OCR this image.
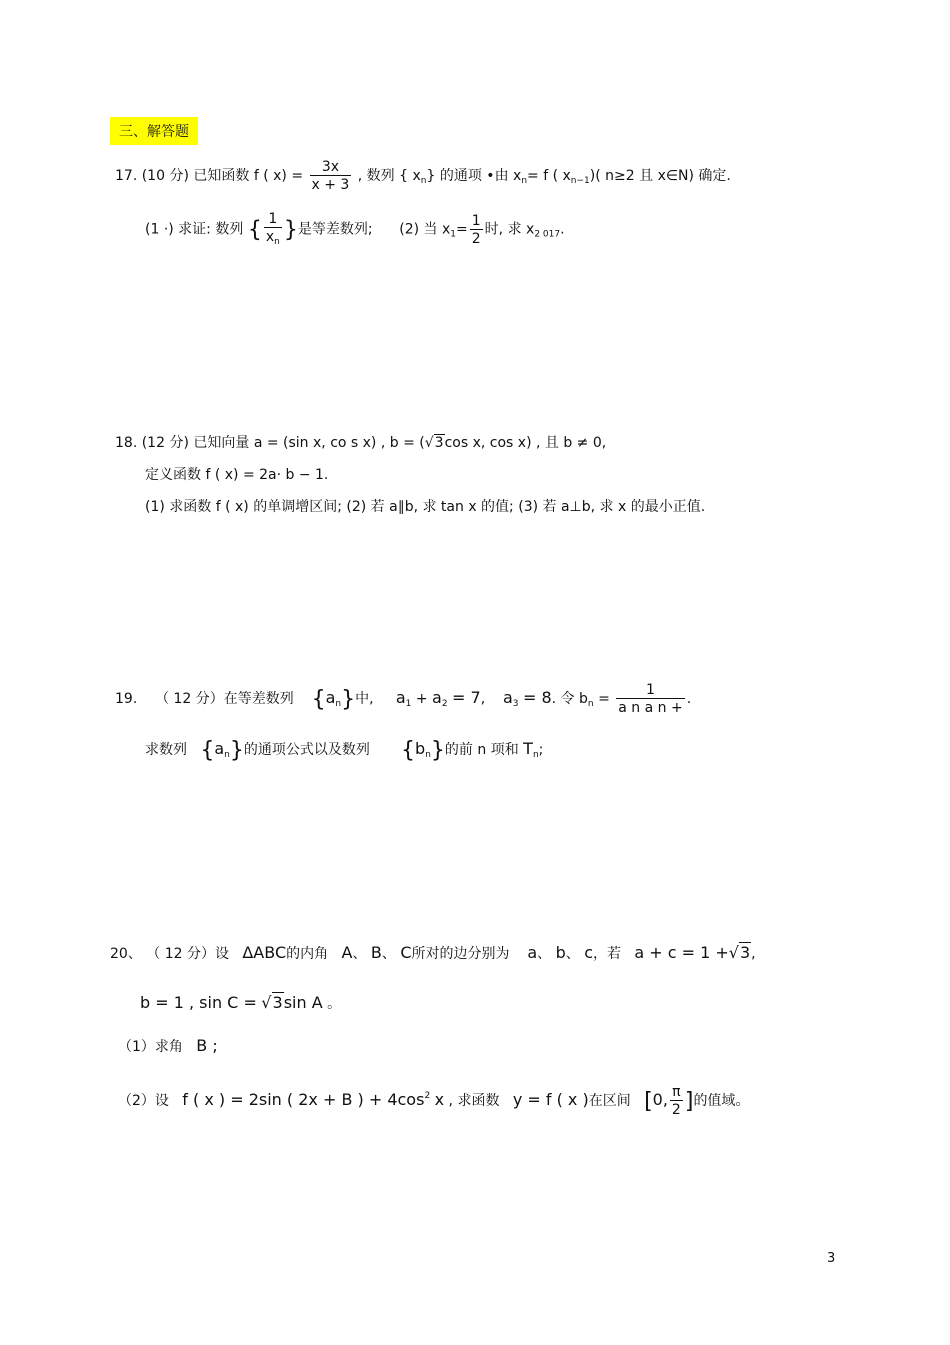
三、解答题
17. (10 分) 已知函数 f ( $x) = \frac{3x}{x + 3}$ , 数列 { $x_n$} 的通项 •由 $x_n= f$ ( $x_{n-1}$)( n≥2 且 x∈N) 确定.
(1 ·) 求证: 数列 { $\frac{1}{x_n}$ }是等差数列; (2) 当 $x_1= \frac{1}{2}$ 时, 求 $x_{2 017}$.
18. (12 分) 已知向量 a = (sin x, co s x) , b = (√3cos x, cos x) , 且 b ≠ 0,
定义函数 f ( x) = 2a· b − 1.
(1) 求函数 f ( x) 的单调增区间; (2) 若 a∥b, 求 tan x 的值; (3) 若 a⊥b, 求 x 的最小正值.
19. （ 12 分）在等差数列 $\{a_n\}$中, $a_1 + a_2 = 7$, $a_3 = 8$. 令 $b_n = \frac{1}{\text{a n a n +}}$ .
求数列 $\{a_n\}$的通项公式以及数列 $\{b_n\}$的前 n 项和 $T_n$;
20、 （ 12 分）设 ΔABC的内角 A、 B、 C所对的边分别为 a、 b、 c，若 a + c = 1 +√3,
b = 1 , sin C = √3sin A 。
（1）求角 B ;
（2）设 f ( x ) = 2sin ( 2x + B ) + $4\cos^2$ x , 求函数 y = f ( x )在区间 [0, $\frac{\pi}{2}$ ]的值域。
3
